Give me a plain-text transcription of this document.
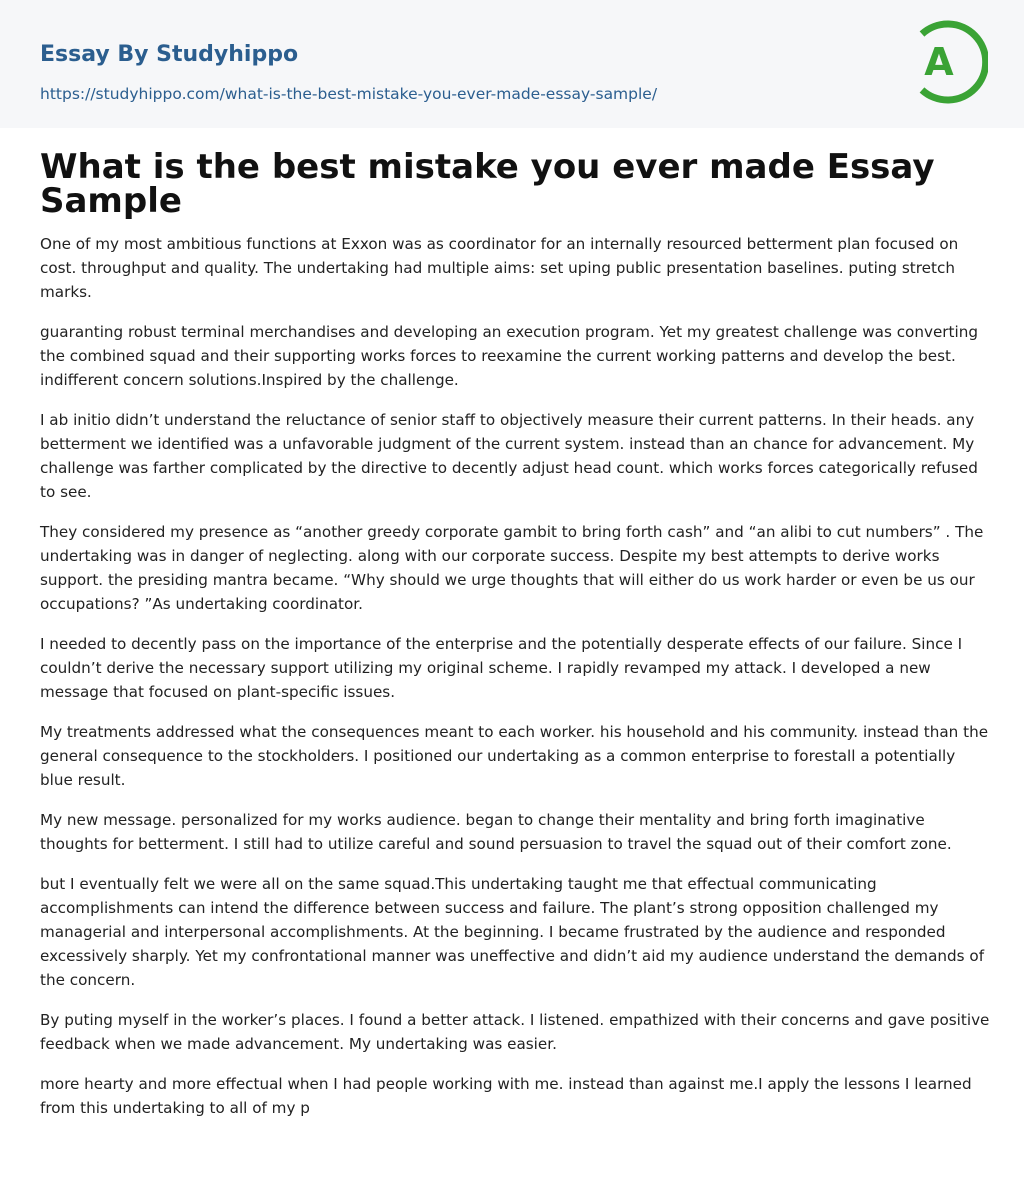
Essay By Studyhippo
https://studyhippo.com/what-is-the-best-mistake-you-ever-made-essay-sample/
A
What is the best mistake you ever made Essay Sample

One of my most ambitious functions at Exxon was as coordinator for an internally resourced betterment plan focused on cost. throughput and quality. The undertaking had multiple aims: set uping public presentation baselines. puting stretch marks.

guaranting robust terminal merchandises and developing an execution program. Yet my greatest challenge was converting the combined squad and their supporting works forces to reexamine the current working patterns and develop the best. indifferent concern solutions.Inspired by the challenge.

I ab initio didn’t understand the reluctance of senior staff to objectively measure their current patterns. In their heads. any betterment we identified was a unfavorable judgment of the current system. instead than an chance for advancement. My challenge was farther complicated by the directive to decently adjust head count. which works forces categorically refused to see.

They considered my presence as “another greedy corporate gambit to bring forth cash” and “an alibi to cut numbers” . The undertaking was in danger of neglecting. along with our corporate success. Despite my best attempts to derive works support. the presiding mantra became. “Why should we urge thoughts that will either do us work harder or even be us our occupations? ”As undertaking coordinator.

I needed to decently pass on the importance of the enterprise and the potentially desperate effects of our failure. Since I couldn’t derive the necessary support utilizing my original scheme. I rapidly revamped my attack. I developed a new message that focused on plant-specific issues.

My treatments addressed what the consequences meant to each worker. his household and his community. instead than the general consequence to the stockholders. I positioned our undertaking as a common enterprise to forestall a potentially blue result.

My new message. personalized for my works audience. began to change their mentality and bring forth imaginative thoughts for betterment. I still had to utilize careful and sound persuasion to travel the squad out of their comfort zone.

but I eventually felt we were all on the same squad.This undertaking taught me that effectual communicating accomplishments can intend the difference between success and failure. The plant’s strong opposition challenged my managerial and interpersonal accomplishments. At the beginning. I became frustrated by the audience and responded excessively sharply. Yet my confrontational manner was uneffective and didn’t aid my audience understand the demands of the concern.

By puting myself in the worker’s places. I found a better attack. I listened. empathized with their concerns and gave positive feedback when we made advancement. My undertaking was easier.

more hearty and more effectual when I had people working with me. instead than against me.I apply the lessons I learned from this undertaking to all of my p
